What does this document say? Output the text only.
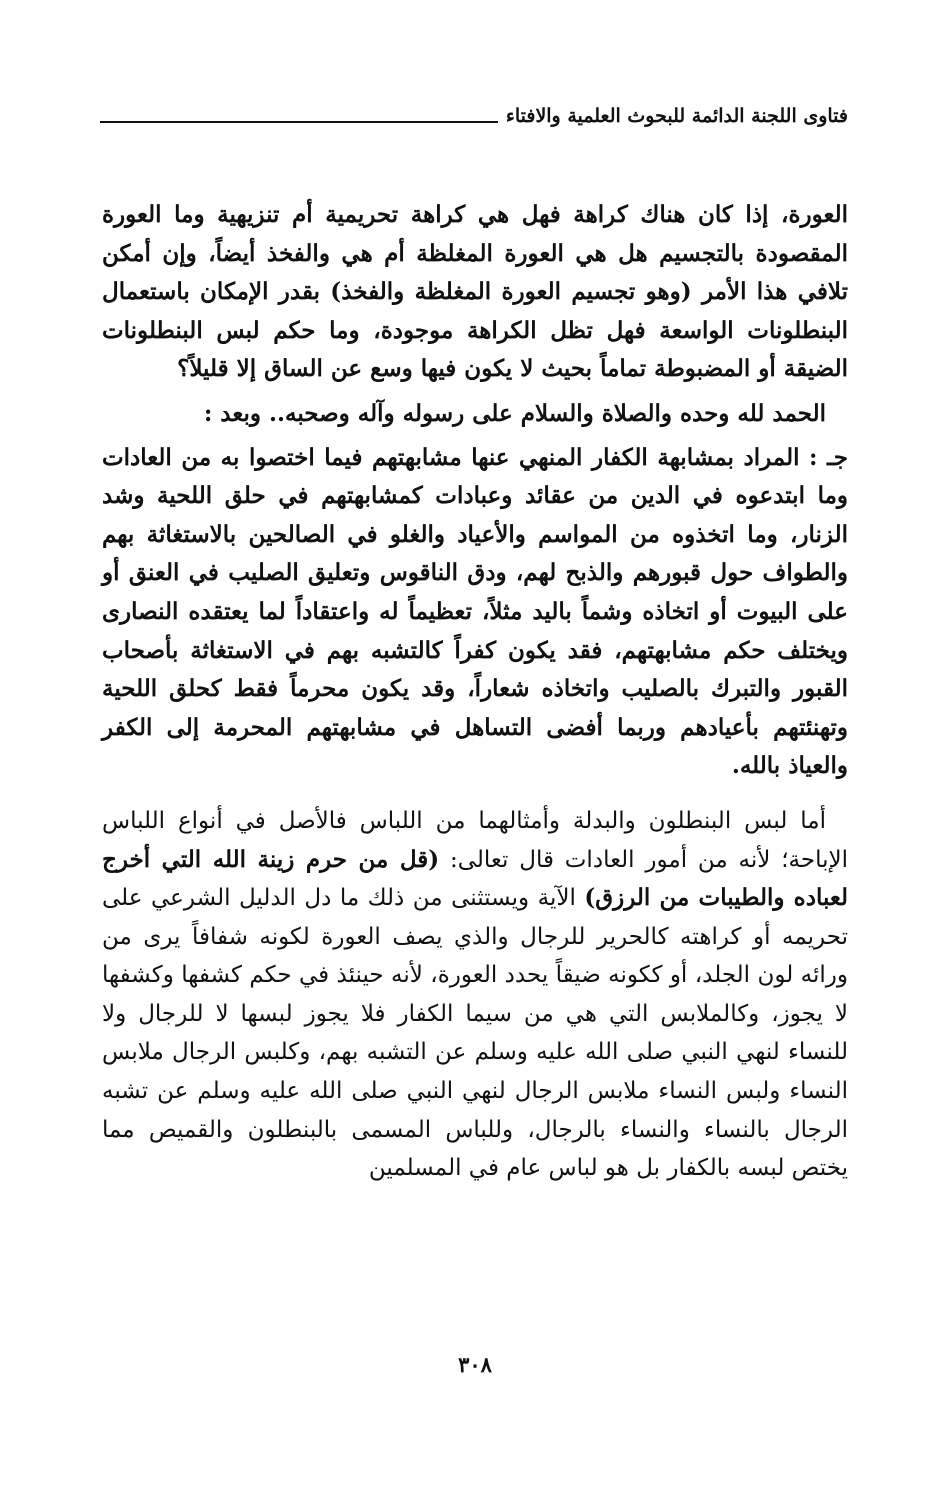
فتاوى اللجنة الدائمة للبحوث العلمية والافتاء

العورة، إذا كان هناك كراهة فهل هي كراهة تحريمية أم تنزيهية وما العورة المقصودة بالتجسيم هل هي العورة المغلظة أم هي والفخذ أيضاً، وإن أمكن تلافي هذا الأمر (وهو تجسيم العورة المغلظة والفخذ) بقدر الإمكان باستعمال البنطلونات الواسعة فهل تظل الكراهة موجودة، وما حكم لبس البنطلونات الضيقة أو المضبوطة تماماً بحيث لا يكون فيها وسع عن الساق إلا قليلاً؟

الحمد لله وحده والصلاة والسلام على رسوله وآله وصحبه.. وبعد :

جـ : المراد بمشابهة الكفار المنهي عنها مشابهتهم فيما اختصوا به من العادات وما ابتدعوه في الدين من عقائد وعبادات كمشابهتهم في حلق اللحية وشد الزنار، وما اتخذوه من المواسم والأعياد والغلو في الصالحين بالاستغاثة بهم والطواف حول قبورهم والذبح لهم، ودق الناقوس وتعليق الصليب في العنق أو على البيوت أو اتخاذه وشماً باليد مثلاً، تعظيماً له واعتقاداً لما يعتقده النصارى ويختلف حكم مشابهتهم، فقد يكون كفراً كالتشبه بهم في الاستغاثة بأصحاب القبور والتبرك بالصليب واتخاذه شعاراً، وقد يكون محرماً فقط كحلق اللحية وتهنئتهم بأعيادهم وربما أفضى التساهل في مشابهتهم المحرمة إلى الكفر والعياذ بالله.

أما لبس البنطلون والبدلة وأمثالهما من اللباس فالأصل في أنواع اللباس الإباحة؛ لأنه من أمور العادات قال تعالى: (قل من حرم زينة الله التي أخرج لعباده والطيبات من الرزق) الآية ويستثنى من ذلك ما دل الدليل الشرعي على تحريمه أو كراهته كالحرير للرجال والذي يصف العورة لكونه شفافاً يرى من ورائه لون الجلد، أو ككونه ضيقاً يحدد العورة، لأنه حينئذ في حكم كشفها وكشفها لا يجوز، وكالملابس التي هي من سيما الكفار فلا يجوز لبسها لا للرجال ولا للنساء لنهي النبي صلى الله عليه وسلم عن التشبه بهم، وكلبس الرجال ملابس النساء ولبس النساء ملابس الرجال لنهي النبي صلى الله عليه وسلم عن تشبه الرجال بالنساء والنساء بالرجال، وللباس المسمى بالبنطلون والقميص مما يختص لبسه بالكفار بل هو لباس عام في المسلمين

٣٠٨
